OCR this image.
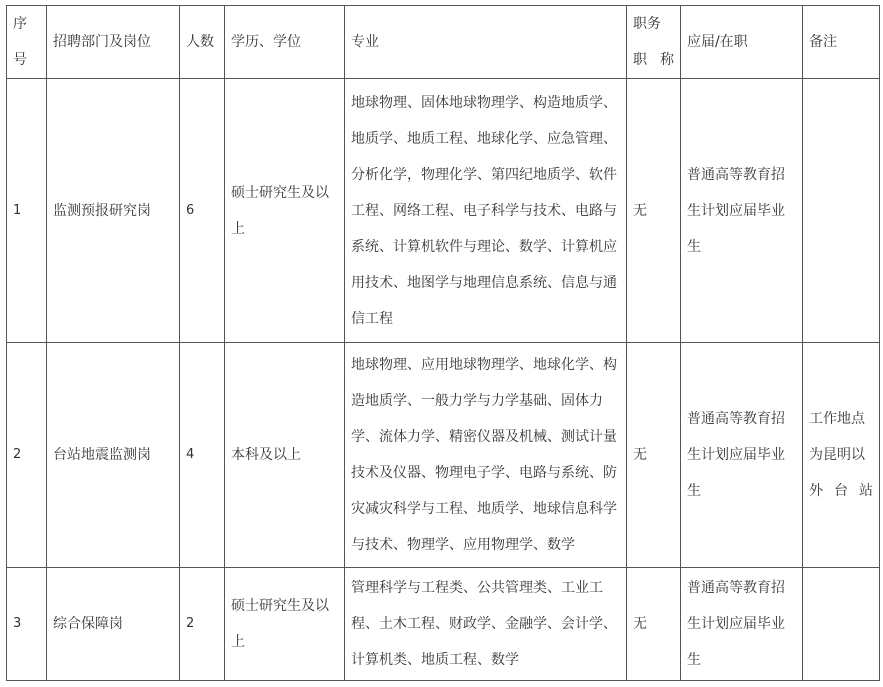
序号	招聘部门及岗位	人数	学历、学位	专业	职务职称	应届/在职	备注
1	监测预报研究岗	6	硕士研究生及以上	地球物理、固体地球物理学、构造地质学、地质学、地质工程、地球化学、应急管理、分析化学，物理化学、第四纪地质学、软件工程、网络工程、电子科学与技术、电路与系统、计算机软件与理论、数学、计算机应用技术、地图学与地理信息系统、信息与通信工程	无	普通高等教育招生计划应届毕业生	
2	台站地震监测岗	4	本科及以上	地球物理、应用地球物理学、地球化学、构造地质学、一般力学与力学基础、固体力学、流体力学、精密仪器及机械、测试计量技术及仪器、物理电子学、电路与系统、防灾减灾科学与工程、地质学、地球信息科学与技术、物理学、应用物理学、数学	无	普通高等教育招生计划应届毕业生	工作地点为昆明以外台站
3	综合保障岗	2	硕士研究生及以上	管理科学与工程类、公共管理类、工业工程、土木工程、财政学、金融学、会计学、计算机类、地质工程、数学	无	普通高等教育招生计划应届毕业生	
